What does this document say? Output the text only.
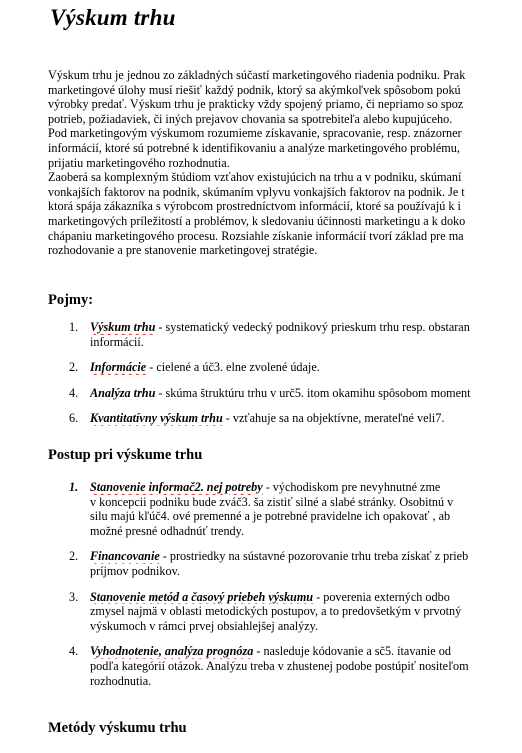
Výskum trhu
Výskum trhu je jednou zo základných súčastí marketingového riadenia podniku. Prak
marketingové úlohy musí riešiť každý podnik, ktorý sa akýmkoľvek spôsobom pokú
výrobky predať. Výskum trhu je prakticky vždy spojený priamo, či nepriamo so spoz
potrieb, požiadaviek, či iných prejavov chovania sa spotrebiteľa alebo kupujúceho.
Pod marketingovým výskumom rozumieme získavanie, spracovanie, resp. znázorner
informácií, ktoré sú potrebné k identifikovaniu a analýze marketingového problému,
prijatiu marketingového rozhodnutia.
Zaoberá sa komplexným štúdiom vzťahov existujúcich na trhu a v podniku, skúmaní
vonkajších faktorov na podnik, skúmaním vplyvu vonkajších faktorov na podnik. Je t
ktorá spája zákazníka s výrobcom prostredníctvom informácií, ktoré sa používajú k i
marketingových príležitostí a problémov, k sledovaniu účinnosti marketingu a k doko
chápaniu marketingového procesu. Rozsiahle získanie informácií tvorí základ pre ma
rozhodovanie a pre stanovenie marketingovej stratégie.
Pojmy:
1. Výskum trhu - systematický vedecký podnikový prieskum trhu resp. obstaran
informácií.
2. Informácie - cielené a úč3. elne zvolené údaje.
4. Analýza trhu - skúma štruktúru trhu v urč5. itom okamihu spôsobom moment
6. Kvantitatívny výskum trhu - vzťahuje sa na objektívne, merateľné veli7.
Postup pri výskume trhu
1. Stanovenie informač2. nej potreby - východiskom pre nevyhnutné zme
v koncepcii podniku bude zváč3. ša zistiť silné a slabé stránky. Osobitnú v
silu majú kľúč4. ové premenné a je potrebné pravidelne ich opakovať , ab
možné presné odhadnúť trendy.
2. Financovanie - prostriedky na sústavné pozorovanie trhu treba získať z prieb
príjmov podnikov.
3. Stanovenie metód a časový priebeh výskumu - poverenia externých odbo
zmysel najmä v oblasti metodických postupov, a to predovšetkým v prvotný
výskumoch v rámci prvej obsiahlejšej analýzy.
4. Vyhodnotenie, analýza prognóza - nasleduje kódovanie a sč5. ítavanie od
podľa kategórií otázok. Analýzu treba v zhustenej podobe postúpiť nositeľom
rozhodnutia.
Metódy výskumu trhu
